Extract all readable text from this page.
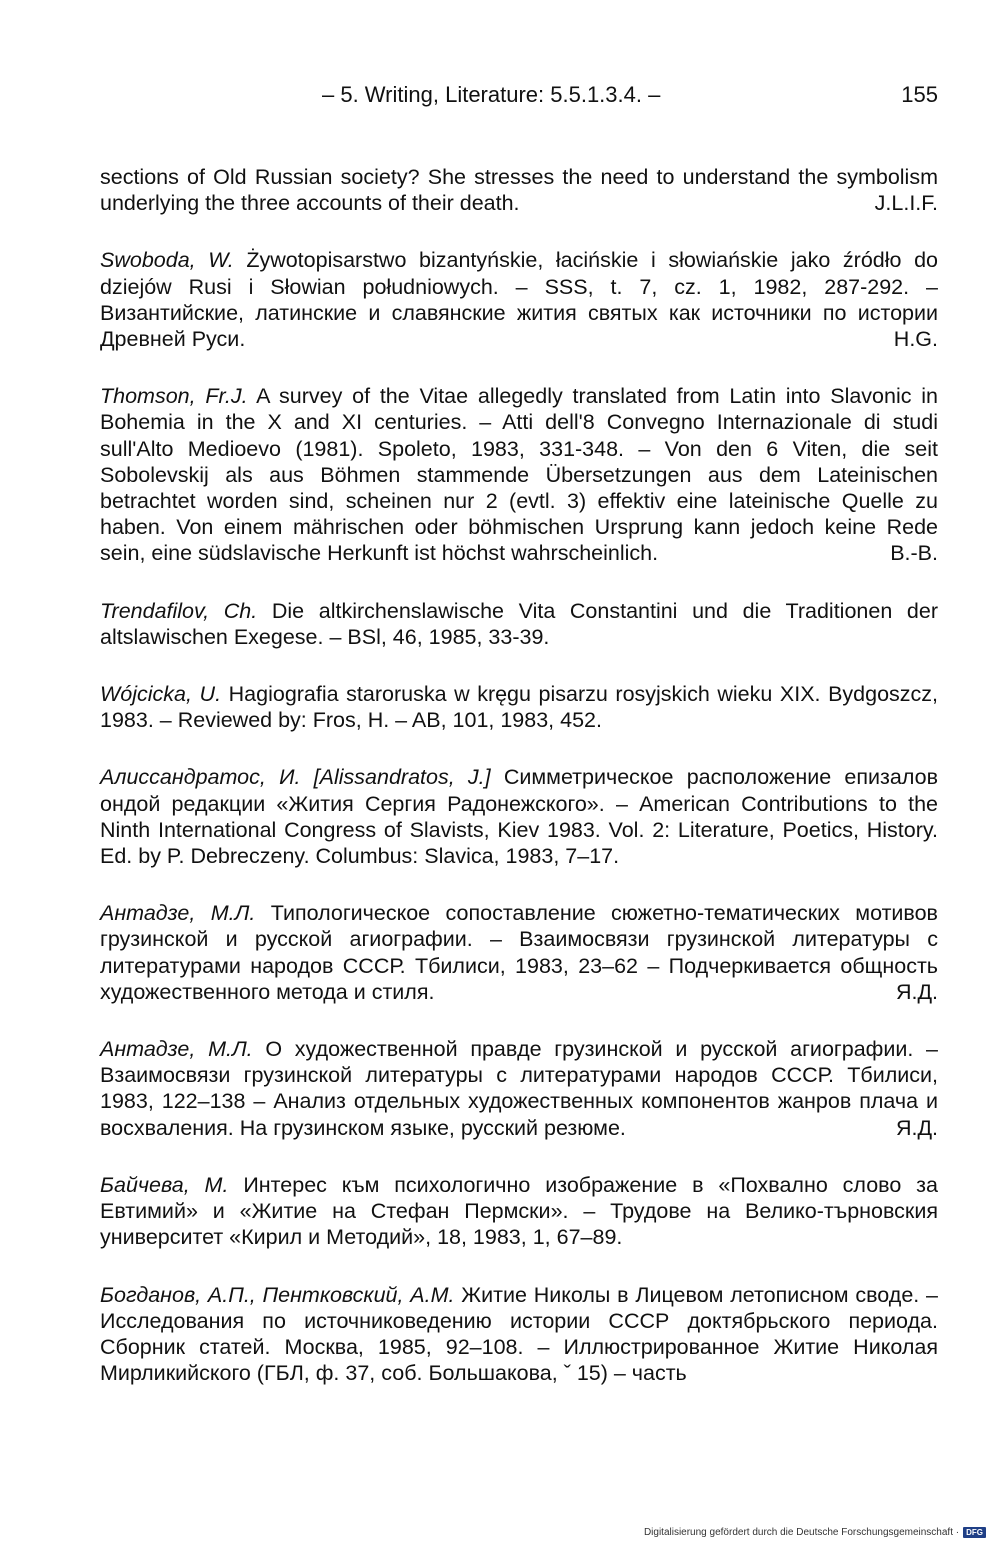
– 5. Writing, Literature: 5.5.1.3.4. –	155

sections of Old Russian society? She stresses the need to understand the symbolism underlying the three accounts of their death.	J.L.I.F.

Swoboda, W. Żywotopisarstwo bizantyńskie, łacińskie i słowiańskie jako źródło do dziejów Rusi i Słowian południowych. – SSS, t. 7, cz. 1, 1982, 287-292. – Византийские, латинские и славянские жития святых как источники по истории Древней Руси.	H.G.

Thomson, Fr.J. A survey of the Vitae allegedly translated from Latin into Slavonic in Bohemia in the X and XI centuries. – Atti dell'8 Convegno Internazionale di studi sull'Alto Medioevo (1981). Spoleto, 1983, 331-348. – Von den 6 Viten, die seit Sobolevskij als aus Böhmen stammende Übersetzungen aus dem Lateinischen betrachtet worden sind, scheinen nur 2 (evtl. 3) effektiv eine lateinische Quelle zu haben. Von einem mährischen oder böhmischen Ursprung kann jedoch keine Rede sein, eine südslavische Herkunft ist höchst wahrscheinlich.	B.-B.

Trendafilov, Ch. Die altkirchenslawische Vita Constantini und die Traditionen der altslawischen Exegese. – BSl, 46, 1985, 33-39.

Wójcicka, U. Hagiografia staroruska w kręgu pisarzu rosyjskich wieku XIX. Bydgoszcz, 1983. – Reviewed by: Fros, H. – AB, 101, 1983, 452.

Алиссандратос, И. [Alissandratos, J.] Симметрическое расположение епизалов ондой редакции «Жития Сергия Радонежского». – American Contributions to the Ninth International Congress of Slavists, Kiev 1983. Vol. 2: Literature, Poetics, History. Ed. by P. Debreczeny. Columbus: Slavica, 1983, 7–17.

Антадзе, М.Л. Типологическое сопоставление сюжетно-тематических мотивов грузинской и русской агиографии. – Взаимосвязи грузинской литературы с литературами народов СССР. Тбилиси, 1983, 23–62 – Подчеркивается общность художественного метода и стиля.	Я.Д.

Антадзе, М.Л. О художественной правде грузинской и русской агиографии. – Взаимосвязи грузинской литературы с литературами народов СССР. Тбилиси, 1983, 122–138 – Анализ отдельных художественных компонентов жанров плача и восхваления. На грузинском языке, русский резюме.	Я.Д.

Байчева, М. Интерес към психологично изображение в «Похвално слово за Евтимий» и «Житие на Стефан Пермски». – Трудове на Велико-търновския университет «Кирил и Методий», 18, 1983, 1, 67–89.

Богданов, А.П., Пентковский, А.М. Житие Николы в Лицевом летописном своде. – Исследования по источниковедению истории СССР доктябрьского периода. Сборник статей. Москва, 1985, 92–108. – Иллюстрированное Житие Николая Мирликийского (ГБЛ, ф. 37, соб. Большакова, ˇ 15) – часть

Digitalisierung gefördert durch die Deutsche Forschungsgemeinschaft · DFG
